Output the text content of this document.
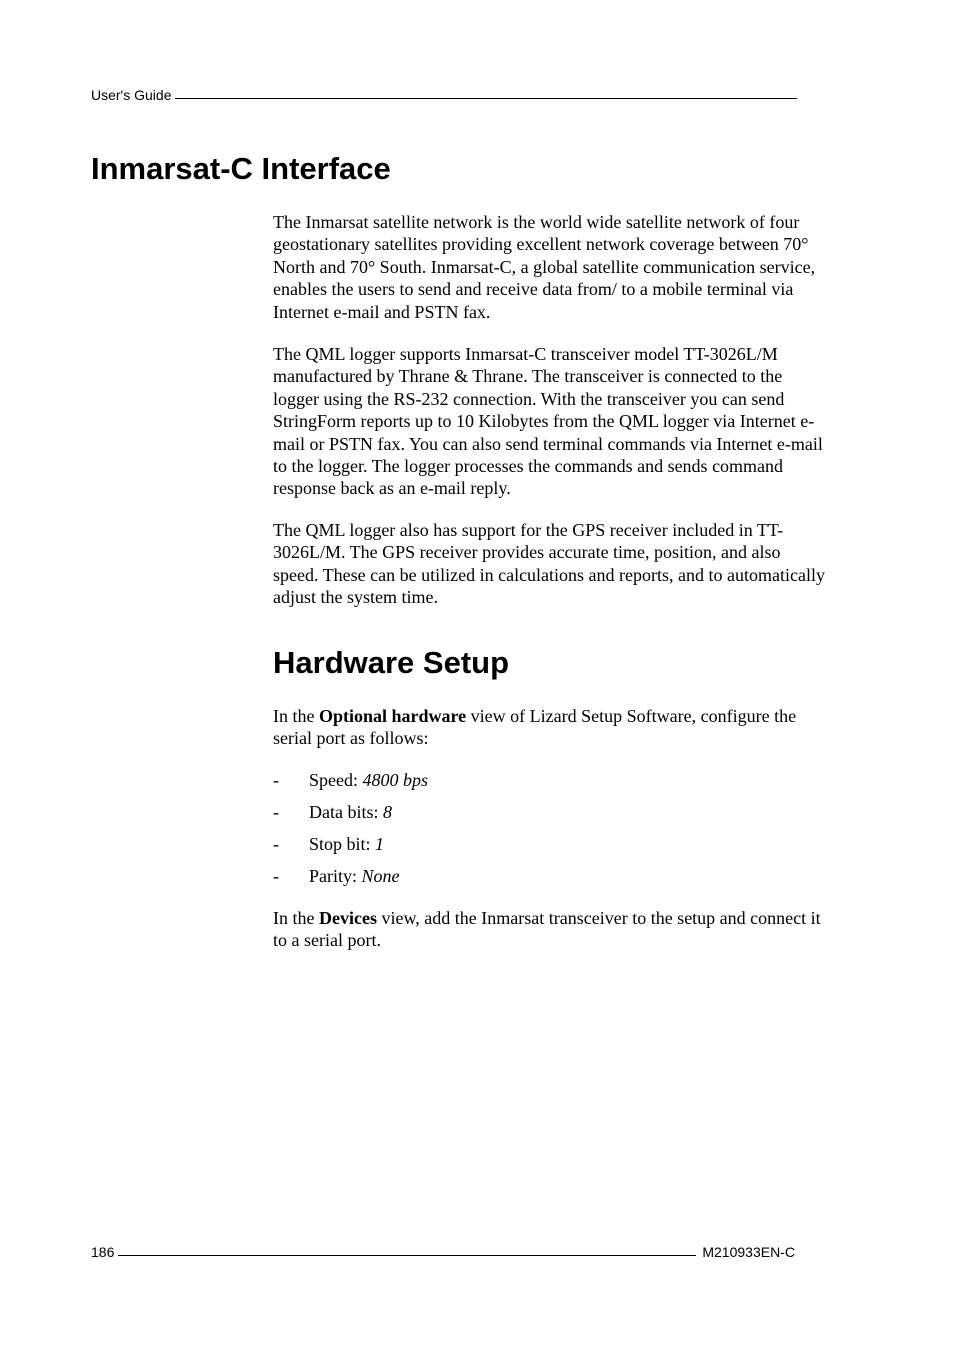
User's Guide
Inmarsat-C Interface

The Inmarsat satellite network is the world wide satellite network of four geostationary satellites providing excellent network coverage between 70° North and 70° South. Inmarsat-C, a global satellite communication service, enables the users to send and receive data from/ to a mobile terminal via Internet e-mail and PSTN fax.

The QML logger supports Inmarsat-C transceiver model TT-3026L/M manufactured by Thrane & Thrane. The transceiver is connected to the logger using the RS-232 connection. With the transceiver you can send StringForm reports up to 10 Kilobytes from the QML logger via Internet e-mail or PSTN fax. You can also send terminal commands via Internet e-mail to the logger. The logger processes the commands and sends command response back as an e-mail reply.

The QML logger also has support for the GPS receiver included in TT-3026L/M. The GPS receiver provides accurate time, position, and also speed. These can be utilized in calculations and reports, and to automatically adjust the system time.

Hardware Setup

In the Optional hardware view of Lizard Setup Software, configure the serial port as follows:

- Speed: 4800 bps
- Data bits: 8
- Stop bit: 1
- Parity: None

In the Devices view, add the Inmarsat transceiver to the setup and connect it to a serial port.

186	M210933EN-C
